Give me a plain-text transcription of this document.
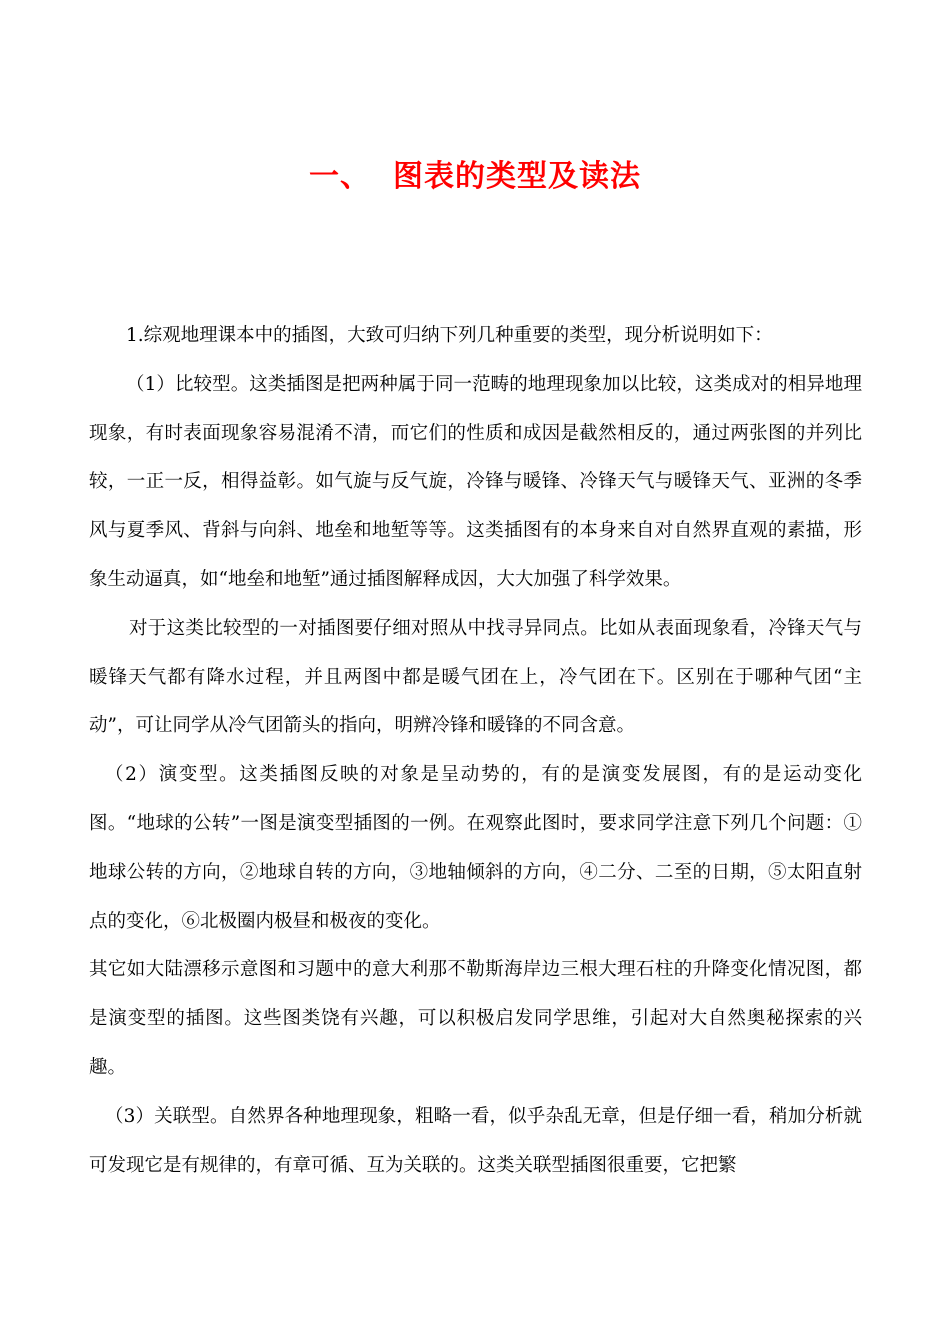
一、 图表的类型及读法

1.综观地理课本中的插图，大致可归纳下列几种重要的类型，现分析说明如下：

（1）比较型。这类插图是把两种属于同一范畴的地理现象加以比较，这类成对的相异地理现象，有时表面现象容易混淆不清，而它们的性质和成因是截然相反的，通过两张图的并列比较，一正一反，相得益彰。如气旋与反气旋，冷锋与暖锋、冷锋天气与暖锋天气、亚洲的冬季风与夏季风、背斜与向斜、地垒和地堑等等。这类插图有的本身来自对自然界直观的素描，形象生动逼真，如“地垒和地堑”通过插图解释成因，大大加强了科学效果。

对于这类比较型的一对插图要仔细对照从中找寻异同点。比如从表面现象看，冷锋天气与暖锋天气都有降水过程，并且两图中都是暖气团在上，冷气团在下。区别在于哪种气团“主动”，可让同学从冷气团箭头的指向，明辨冷锋和暖锋的不同含意。

（2）演变型。这类插图反映的对象是呈动势的，有的是演变发展图，有的是运动变化图。“地球的公转”一图是演变型插图的一例。在观察此图时，要求同学注意下列几个问题：①地球公转的方向，②地球自转的方向，③地轴倾斜的方向，④二分、二至的日期，⑤太阳直射点的变化，⑥北极圈内极昼和极夜的变化。

其它如大陆漂移示意图和习题中的意大利那不勒斯海岸边三根大理石柱的升降变化情况图，都是演变型的插图。这些图类饶有兴趣，可以积极启发同学思维，引起对大自然奥秘探索的兴趣。

（3）关联型。自然界各种地理现象，粗略一看，似乎杂乱无章，但是仔细一看，稍加分析就可发现它是有规律的，有章可循、互为关联的。这类关联型插图很重要，它把繁
